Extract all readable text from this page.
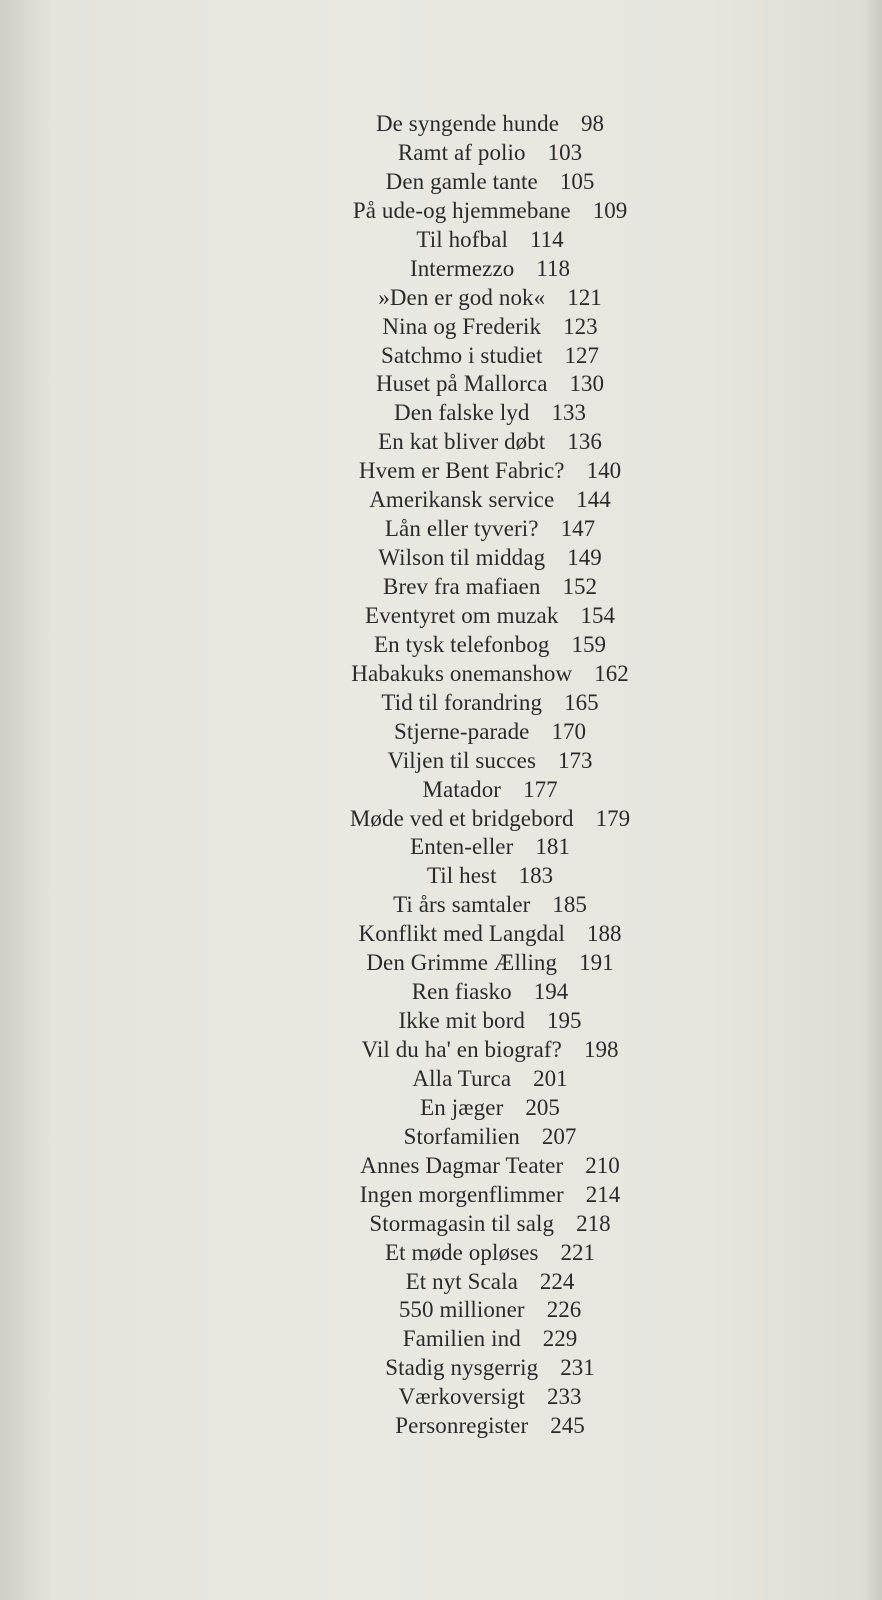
De syngende hunde 98
Ramt af polio 103
Den gamle tante 105
På ude-og hjemmebane 109
Til hofbal 114
Intermezzo 118
»Den er god nok« 121
Nina og Frederik 123
Satchmo i studiet 127
Huset på Mallorca 130
Den falske lyd 133
En kat bliver døbt 136
Hvem er Bent Fabric? 140
Amerikansk service 144
Lån eller tyveri? 147
Wilson til middag 149
Brev fra mafiaen 152
Eventyret om muzak 154
En tysk telefonbog 159
Habakuks onemanshow 162
Tid til forandring 165
Stjerne-parade 170
Viljen til succes 173
Matador 177
Møde ved et bridgebord 179
Enten-eller 181
Til hest 183
Ti års samtaler 185
Konflikt med Langdal 188
Den Grimme Ælling 191
Ren fiasko 194
Ikke mit bord 195
Vil du ha' en biograf? 198
Alla Turca 201
En jæger 205
Storfamilien 207
Annes Dagmar Teater 210
Ingen morgenflimmer 214
Stormagasin til salg 218
Et møde opløses 221
Et nyt Scala 224
550 millioner 226
Familien ind 229
Stadig nysgerrig 231
Værkoversigt 233
Personregister 245
